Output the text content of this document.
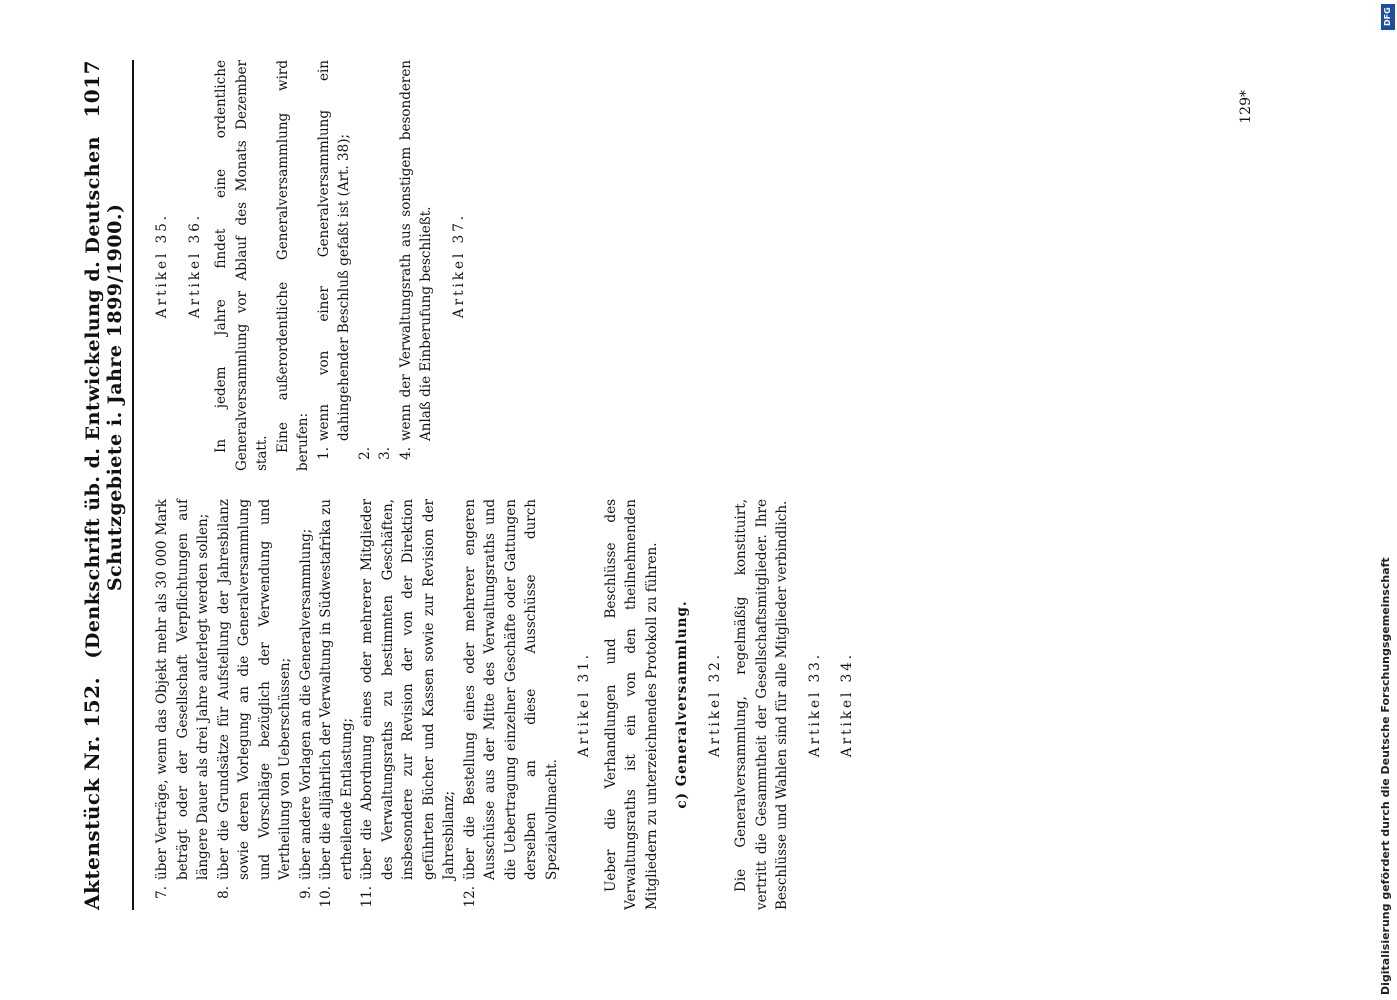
Aktenstück Nr. 152.
(Denkschrift üb. d. Entwickelung d. Deutschen Schutzgebiete i. Jahre 1899/1900.)
1017
7.
über Verträge, wenn das Objekt mehr als 30 000 Mark beträgt oder der Gesellschaft Verpflichtungen auf längere Dauer als drei Jahre auferlegt werden sollen;
8.
über die Grundsätze für Aufstellung der Jahresbilanz sowie deren Vorlegung an die Generalversammlung und Vorschläge bezüglich der Verwendung und Vertheilung von Ueberschüssen;
9.
über andere Vorlagen an die Generalversammlung;
10.
über die alljährlich der Verwaltung in Südwestafrika zu ertheilende Entlastung;
11.
über die Abordnung eines oder mehrerer Mitglieder des Verwaltungsraths zu bestimmten Geschäften, insbesondere zur Revision der von der Direktion geführten Bücher und Kassen sowie zur Revision der Jahresbilanz;
12.
über die Bestellung eines oder mehrerer engeren Ausschüsse aus der Mitte des Verwaltungsraths und die Uebertragung einzelner Geschäfte oder Gattungen derselben an diese Ausschüsse durch Spezialvollmacht.
Artikel 31. Ueber die Verhandlungen und Beschlüsse des Verwaltungsraths ist ein von den theilnehmenden Mitgliedern zu unterzeichnendes Protokoll zu führen. c) Generalversammlung. Artikel 32. Die Generalversammlung, regelmäßig konstituirt, vertritt die Gesammtheit der Gesellschaftsmitglieder. Ihre Beschlüsse und Wahlen sind für alle Mitglieder verbindlich. Artikel 33. Artikel 34.

Artikel 35. Artikel 36. In jedem Jahre findet eine ordentliche Generalversammlung vor Ablauf des Monats Dezember statt.

Eine außerordentliche Generalversammlung wird berufen: 1.
wenn von einer Generalversammlung ein dahingehender Beschluß gefaßt ist (Art. 38);
2. 3. 4.
wenn der Verwaltungsrath aus sonstigem besonderen Anlaß die Einberufung beschließt. Artikel 37.

129*
DFG
Digitalisierung gefördert durch die Deutsche Forschungsgemeinschaft
